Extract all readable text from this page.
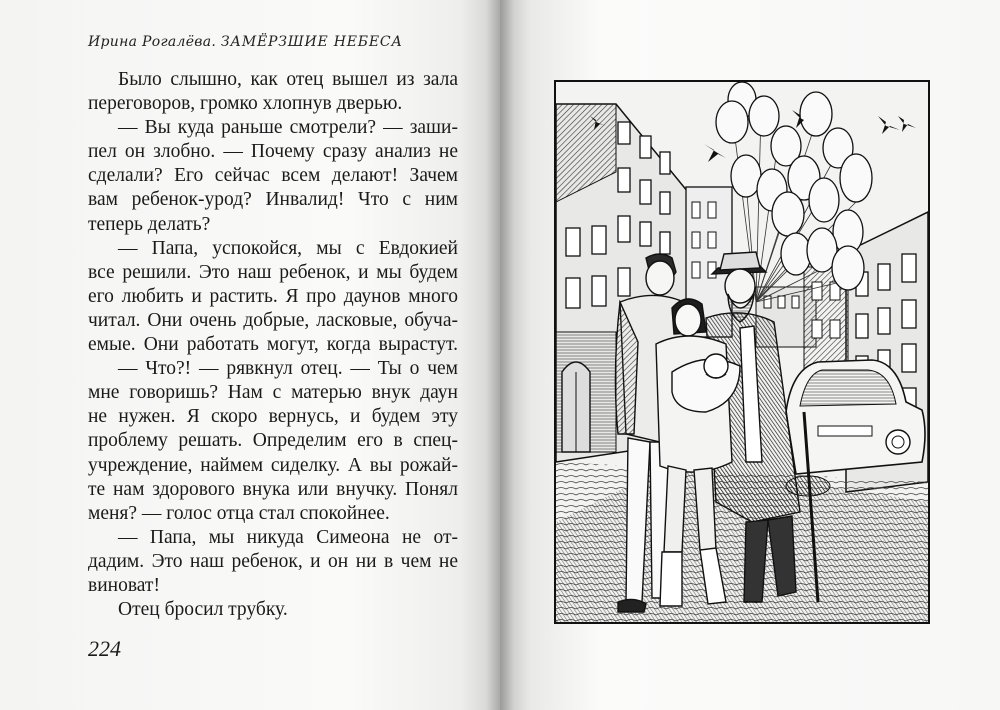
Ирина Рогалёва. ЗАМЁРЗШИЕ НЕБЕСА
Было слышно, как отец вышел из зала
переговоров, громко хлопнув дверью.
— Вы куда раньше смотрели? — заши-
пел он злобно. — Почему сразу анализ не
сделали? Его сейчас всем делают! Зачем
вам ребенок-урод? Инвалид! Что с ним
теперь делать?
— Папа, успокойся, мы с Евдокией
все решили. Это наш ребенок, и мы будем
его любить и растить. Я про даунов много
читал. Они очень добрые, ласковые, обуча-
емые. Они работать могут, когда вырастут.
— Что?! — рявкнул отец. — Ты о чем
мне говоришь? Нам с матерью внук даун
не нужен. Я скоро вернусь, и будем эту
проблему решать. Определим его в спец-
учреждение, наймем сиделку. А вы рожай-
те нам здорового внука или внучку. Понял
меня? — голос отца стал спокойнее.
— Папа, мы никуда Симеона не от-
дадим. Это наш ребенок, и он ни в чем не
виноват!
Отец бросил трубку.
224
